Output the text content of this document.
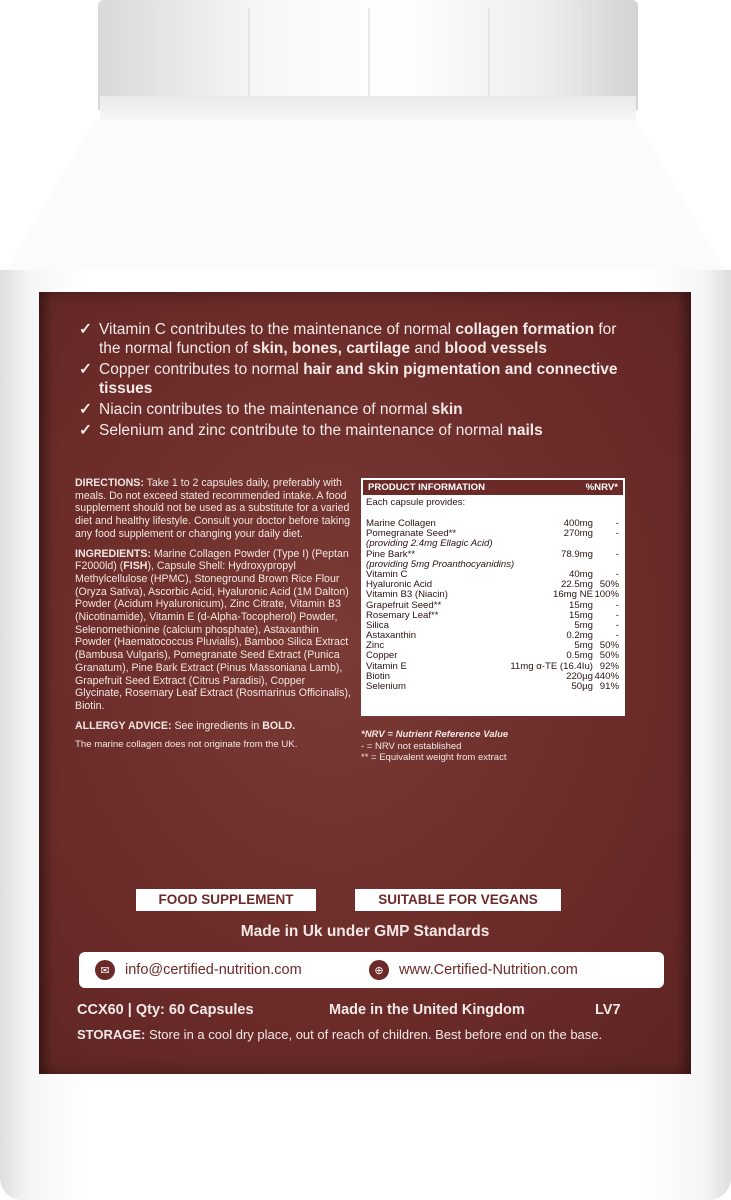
✓ Vitamin C contributes to the maintenance of normal collagen formation for the normal function of skin, bones, cartilage and blood vessels
✓ Copper contributes to normal hair and skin pigmentation and connective tissues
✓ Niacin contributes to the maintenance of normal skin
✓ Selenium and zinc contribute to the maintenance of normal nails

DIRECTIONS: Take 1 to 2 capsules daily, preferably with meals. Do not exceed stated recommended intake. A food supplement should not be used as a substitute for a varied diet and healthy lifestyle. Consult your doctor before taking any food supplement or changing your daily diet.

INGREDIENTS: Marine Collagen Powder (Type I) (Peptan F2000ld) (FISH), Capsule Shell: Hydroxypropyl Methylcellulose (HPMC), Stoneground Brown Rice Flour (Oryza Sativa), Ascorbic Acid, Hyaluronic Acid (1M Dalton) Powder (Acidum Hyaluronicum), Zinc Citrate, Vitamin B3 (Nicotinamide), Vitamin E (d-Alpha-Tocopherol) Powder, Selenomethionine (calcium phosphate), Astaxanthin Powder (Haematococcus Pluvialis), Bamboo Silica Extract (Bambusa Vulgaris), Pomegranate Seed Extract (Punica Granatum), Pine Bark Extract (Pinus Massoniana Lamb), Grapefruit Seed Extract (Citrus Paradisi), Copper Glycinate, Rosemary Leaf Extract (Rosmarinus Officinalis), Biotin.

ALLERGY ADVICE: See ingredients in BOLD.

The marine collagen does not originate from the UK.

PRODUCT INFORMATION	%NRV*
Each capsule provides:
Marine Collagen	400mg -
Pomegranate Seed**	270mg -
(providing 2.4mg Ellagic Acid)
Pine Bark**	78.9mg -
(providing 5mg Proanthocyanidins)
Vitamin C	40mg -
Hyaluronic Acid	22.5mg 50%
Vitamin B3 (Niacin)	16mg NE 100%
Grapefruit Seed**	15mg -
Rosemary Leaf**	15mg -
Silica	5mg -
Astaxanthin	0.2mg -
Zinc	5mg 50%
Copper	0.5mg 50%
Vitamin E	11mg α-TE (16.4Iu) 92%
Biotin	220µg 440%
Selenium	50µg 91%
*NRV = Nutrient Reference Value
- = NRV not established
** = Equivalent weight from extract
FOOD SUPPLEMENT	SUITABLE FOR VEGANS
Made in Uk under GMP Standards
✉	info@certified-nutrition.com	⊕	www.Certified-Nutrition.com
CCX60 | Qty: 60 Capsules	Made in the United Kingdom	LV7
STORAGE: Store in a cool dry place, out of reach of children. Best before end on the base.
